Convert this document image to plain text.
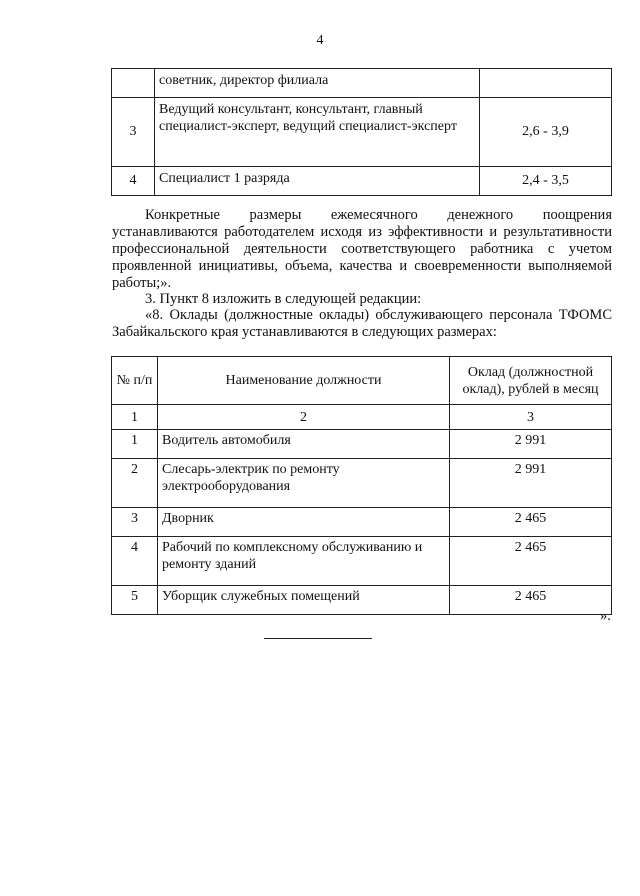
4
	советник, директор филиала	
3	Ведущий консультант, консультант, главный специалист-эксперт, ведущий специалист-эксперт	2,6 - 3,9
4	Специалист 1 разряда	2,4 - 3,5

Конкретные размеры ежемесячного денежного поощрения устанавливаются работодателем исходя из эффективности и результативности профессиональной деятельности соответствующего работника с учетом проявленной инициативы, объема, качества и своевременности выполняемой работы;».

3. Пункт 8 изложить в следующей редакции:

«8. Оклады (должностные оклады) обслуживающего персонала ТФОМС Забайкальского края устанавливаются в следующих размерах:

№ п/п	Наименование должности	Оклад (должностной оклад), рублей в месяц
1	2	3
1	Водитель автомобиля	2 991
2	Слесарь-электрик по ремонту электрооборудования	2 991
3	Дворник	2 465
4	Рабочий по комплексному обслуживанию и ремонту зданий	2 465
5	Уборщик служебных помещений	2 465
».
